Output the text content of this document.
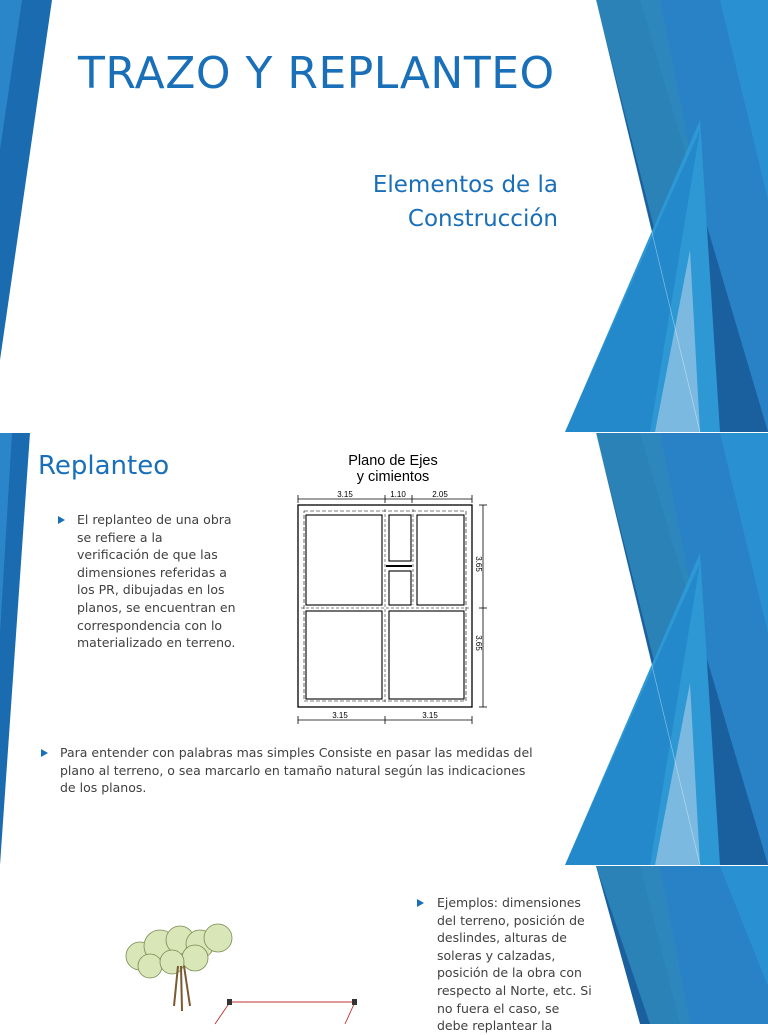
TRAZO Y REPLANTEO
Elementos de la
Construcción
Replanteo
El replanteo de una obra se refiere a la verificación de que las dimensiones referidas a los PR, dibujadas en los planos, se encuentran en correspondencia con lo materializado en terreno.
Para entender con palabras mas simples Consiste en pasar las medidas del plano al terreno, o sea marcarlo en tamaño natural según las indicaciones de los planos.
Plano de Ejes
y cimientos
3.15	1.10	2.05
3.65
3.65
3.15	3.15
Ejemplos: dimensiones del terreno, posición de deslindes, alturas de soleras y calzadas, posición de la obra con respecto al Norte, etc. Si no fuera el caso, se debe replantear la
